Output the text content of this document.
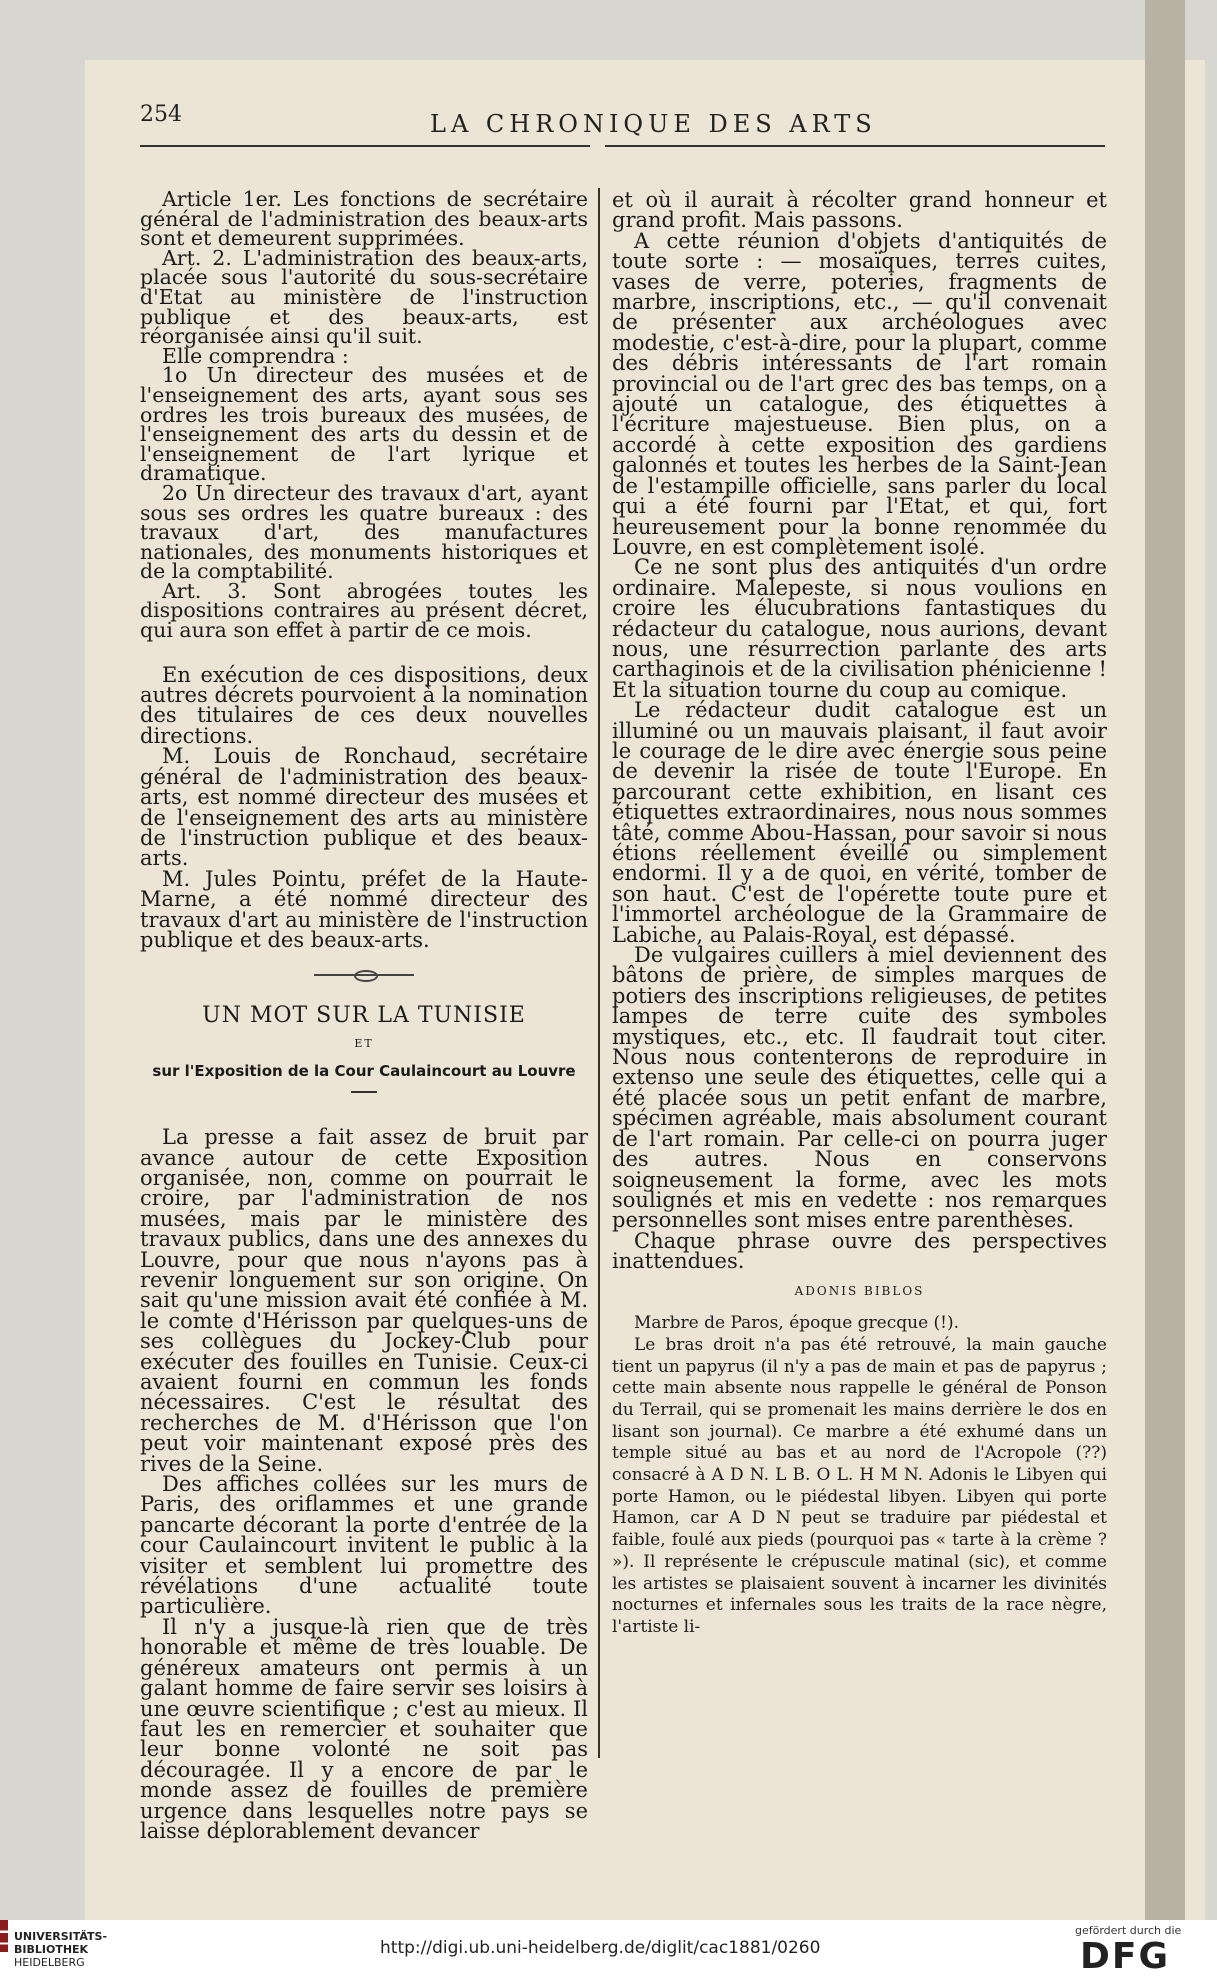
254	LA CHRONIQUE DES ARTS

Article 1er. Les fonctions de secrétaire général de l'administration des beaux-arts sont et demeurent supprimées.

Art. 2. L'administration des beaux-arts, placée sous l'autorité du sous-secrétaire d'Etat au ministère de l'instruction publique et des beaux-arts, est réorganisée ainsi qu'il suit.

Elle comprendra :

1o Un directeur des musées et de l'enseignement des arts, ayant sous ses ordres les trois bureaux des musées, de l'enseignement des arts du dessin et de l'enseignement de l'art lyrique et dramatique.

2o Un directeur des travaux d'art, ayant sous ses ordres les quatre bureaux : des travaux d'art, des manufactures nationales, des monuments historiques et de la comptabilité.

Art. 3. Sont abrogées toutes les dispositions contraires au présent décret, qui aura son effet à partir de ce mois.

En exécution de ces dispositions, deux autres décrets pourvoient à la nomination des titulaires de ces deux nouvelles directions.

M. Louis de Ronchaud, secrétaire général de l'administration des beaux-arts, est nommé directeur des musées et de l'enseignement des arts au ministère de l'instruction publique et des beaux-arts.

M. Jules Pointu, préfet de la Haute-Marne, a été nommé directeur des travaux d'art au ministère de l'instruction publique et des beaux-arts.

UN MOT SUR LA TUNISIE
ET
sur l'Exposition de la Cour Caulaincourt au Louvre

La presse a fait assez de bruit par avance autour de cette Exposition organisée, non, comme on pourrait le croire, par l'administration de nos musées, mais par le ministère des travaux publics, dans une des annexes du Louvre, pour que nous n'ayons pas à revenir longuement sur son origine. On sait qu'une mission avait été confiée à M. le comte d'Hérisson par quelques-uns de ses collègues du Jockey-Club pour exécuter des fouilles en Tunisie. Ceux-ci avaient fourni en commun les fonds nécessaires. C'est le résultat des recherches de M. d'Hérisson que l'on peut voir maintenant exposé près des rives de la Seine.

Des affiches collées sur les murs de Paris, des oriflammes et une grande pancarte décorant la porte d'entrée de la cour Caulaincourt invitent le public à la visiter et semblent lui promettre des révélations d'une actualité toute particulière.

Il n'y a jusque-là rien que de très honorable et même de très louable. De généreux amateurs ont permis à un galant homme de faire servir ses loisirs à une œuvre scientifique ; c'est au mieux. Il faut les en remercier et souhaiter que leur bonne volonté ne soit pas découragée. Il y a encore de par le monde assez de fouilles de première urgence dans lesquelles notre pays se laisse déplorablement devancer

et où il aurait à récolter grand honneur et grand profit. Mais passons.

A cette réunion d'objets d'antiquités de toute sorte : — mosaïques, terres cuites, vases de verre, poteries, fragments de marbre, inscriptions, etc., — qu'il convenait de présenter aux archéologues avec modestie, c'est-à-dire, pour la plupart, comme des débris intéressants de l'art romain provincial ou de l'art grec des bas temps, on a ajouté un catalogue, des étiquettes à l'écriture majestueuse. Bien plus, on a accordé à cette exposition des gardiens galonnés et toutes les herbes de la Saint-Jean de l'estampille officielle, sans parler du local qui a été fourni par l'Etat, et qui, fort heureusement pour la bonne renommée du Louvre, en est complètement isolé.

Ce ne sont plus des antiquités d'un ordre ordinaire. Malepeste, si nous voulions en croire les élucubrations fantastiques du rédacteur du catalogue, nous aurions, devant nous, une résurrection parlante des arts carthaginois et de la civilisation phénicienne ! Et la situation tourne du coup au comique.

Le rédacteur dudit catalogue est un illuminé ou un mauvais plaisant, il faut avoir le courage de le dire avec énergie sous peine de devenir la risée de toute l'Europe. En parcourant cette exhibition, en lisant ces étiquettes extraordinaires, nous nous sommes tâté, comme Abou-Hassan, pour savoir si nous étions réellement éveillé ou simplement endormi. Il y a de quoi, en vérité, tomber de son haut. C'est de l'opérette toute pure et l'immortel archéologue de la Grammaire de Labiche, au Palais-Royal, est dépassé.

De vulgaires cuillers à miel deviennent des bâtons de prière, de simples marques de potiers des inscriptions religieuses, de petites lampes de terre cuite des symboles mystiques, etc., etc. Il faudrait tout citer. Nous nous contenterons de reproduire in extenso une seule des étiquettes, celle qui a été placée sous un petit enfant de marbre, spécimen agréable, mais absolument courant de l'art romain. Par celle-ci on pourra juger des autres. Nous en conservons soigneusement la forme, avec les mots soulignés et mis en vedette : nos remarques personnelles sont mises entre parenthèses.

Chaque phrase ouvre des perspectives inattendues.

ADONIS BIBLOS

Marbre de Paros, époque grecque (!).

Le bras droit n'a pas été retrouvé, la main gauche tient un papyrus (il n'y a pas de main et pas de papyrus ; cette main absente nous rappelle le général de Ponson du Terrail, qui se promenait les mains derrière le dos en lisant son journal). Ce marbre a été exhumé dans un temple situé au bas et au nord de l'Acropole (??) consacré à A D N. L B. O L. H M N. Adonis le Libyen qui porte Hamon, ou le piédestal libyen. Libyen qui porte Hamon, car A D N peut se traduire par piédestal et faible, foulé aux pieds (pourquoi pas « tarte à la crème ? »). Il représente le crépuscule matinal (sic), et comme les artistes se plaisaient souvent à incarner les divinités nocturnes et infernales sous les traits de la race nègre, l'artiste li-

UNIVERSITÄTS-
BIBLIOTHEK
HEIDELBERG
http://digi.ub.uni-heidelberg.de/diglit/cac1881/0260
gefördert durch die
DFG
